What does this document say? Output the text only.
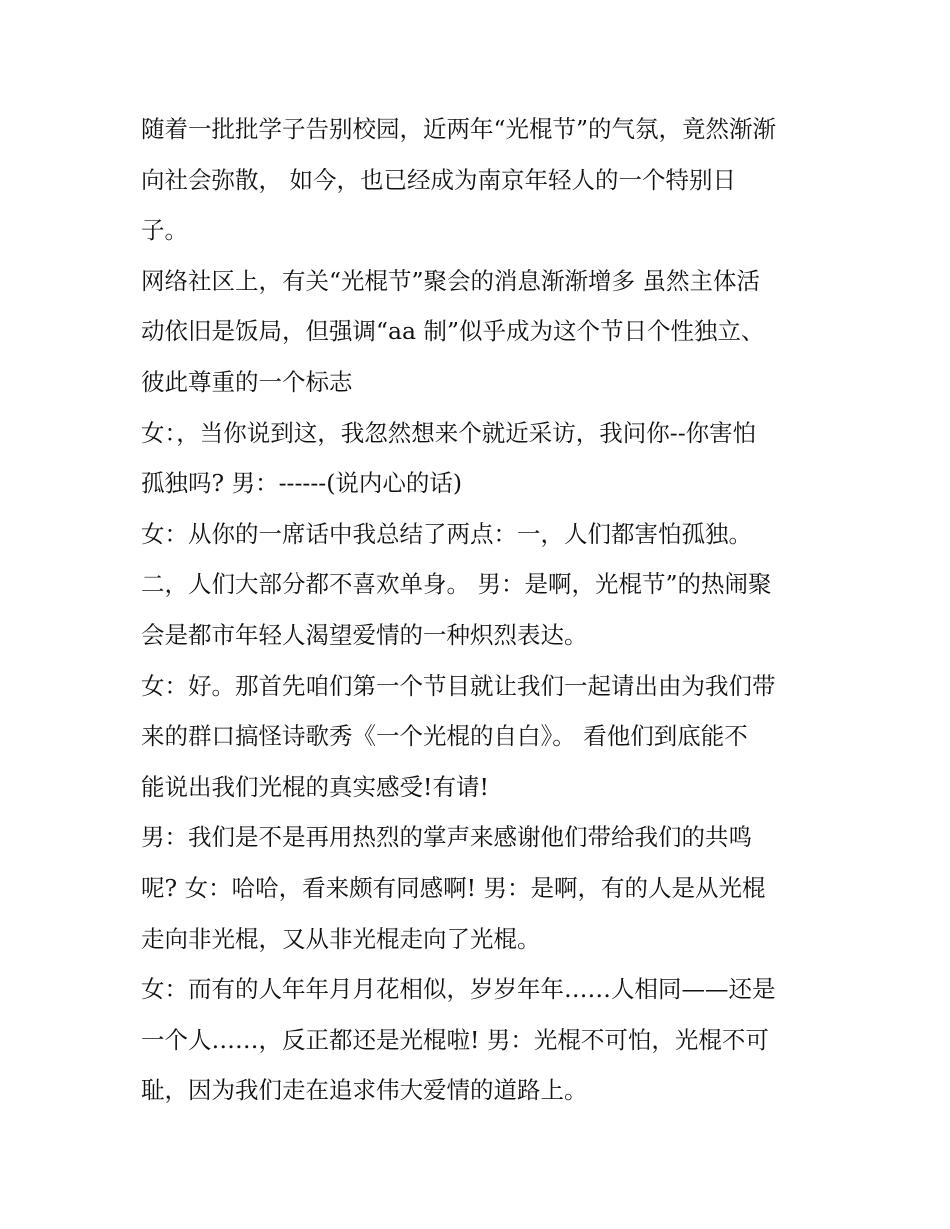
随着一批批学子告别校园，近两年“光棍节”的气氛，竟然渐渐
向社会弥散， 如今，也已经成为南京年轻人的一个特别日
子。

网络社区上，有关“光棍节”聚会的消息渐渐增多 虽然主体活
动依旧是饭局，但强调“aa 制”似乎成为这个节日个性独立、
彼此尊重的一个标志

女：，当你说到这，我忽然想来个就近采访，我问你--你害怕
孤独吗? 男：------(说内心的话)

女：从你的一席话中我总结了两点：一，人们都害怕孤独。
二，人们大部分都不喜欢单身。 男：是啊，光棍节”的热闹聚
会是都市年轻人渴望爱情的一种炽烈表达。

女：好。那首先咱们第一个节目就让我们一起请出由为我们带
来的群口搞怪诗歌秀《一个光棍的自白》。 看他们到底能不
能说出我们光棍的真实感受!有请!

男：我们是不是再用热烈的掌声来感谢他们带给我们的共鸣
呢? 女：哈哈，看来颇有同感啊! 男：是啊，有的人是从光棍
走向非光棍，又从非光棍走向了光棍。

女：而有的人年年月月花相似，岁岁年年……人相同——还是
一个人……，反正都还是光棍啦! 男：光棍不可怕，光棍不可
耻，因为我们走在追求伟大爱情的道路上。
